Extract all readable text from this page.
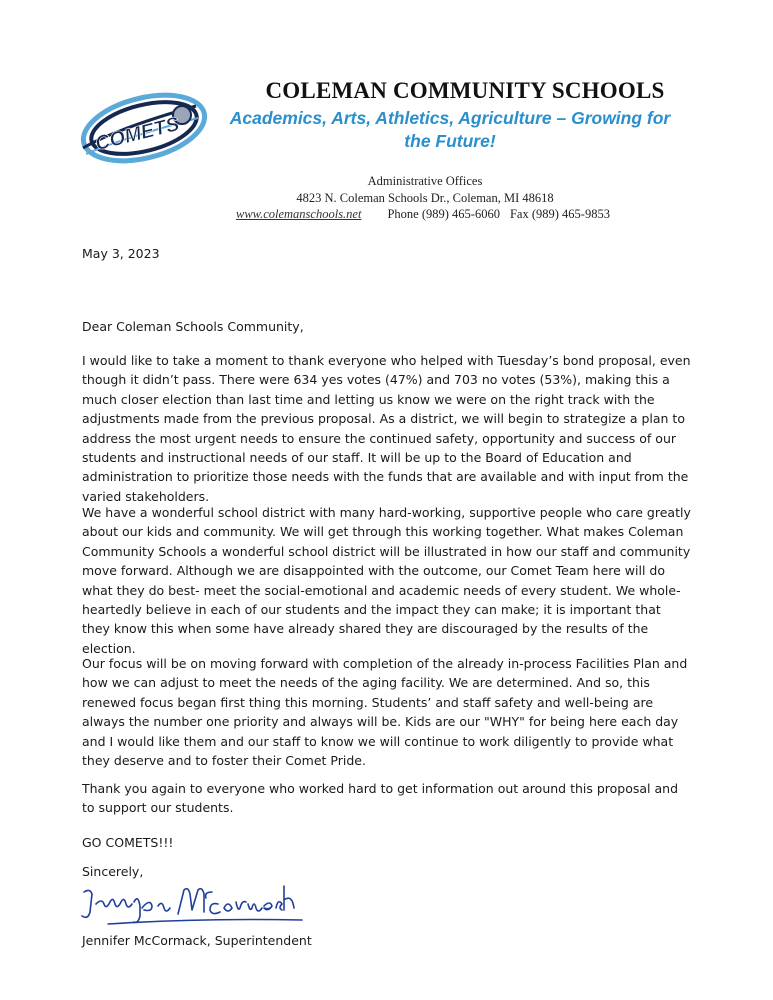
COMETS
COLEMAN COMMUNITY SCHOOLS
Academics, Arts, Athletics, Agriculture – Growing for the Future!
Administrative Offices
4823 N. Coleman Schools Dr., Coleman, MI 48618
www.colemanschools.net Phone (989) 465-6060 Fax (989) 465-9853
May 3, 2023
Dear Coleman Schools Community,

I would like to take a moment to thank everyone who helped with Tuesday’s bond proposal, even though it didn’t pass. There were 634 yes votes (47%) and 703 no votes (53%), making this a much closer election than last time and letting us know we were on the right track with the adjustments made from the previous proposal. As a district, we will begin to strategize a plan to address the most urgent needs to ensure the continued safety, opportunity and success of our students and instructional needs of our staff. It will be up to the Board of Education and administration to prioritize those needs with the funds that are available and with input from the varied stakeholders.

We have a wonderful school district with many hard-working, supportive people who care greatly about our kids and community. We will get through this working together. What makes Coleman Community Schools a wonderful school district will be illustrated in how our staff and community move forward. Although we are disappointed with the outcome, our Comet Team here will do what they do best- meet the social-emotional and academic needs of every student. We whole-heartedly believe in each of our students and the impact they can make; it is important that they know this when some have already shared they are discouraged by the results of the election.

Our focus will be on moving forward with completion of the already in-process Facilities Plan and how we can adjust to meet the needs of the aging facility. We are determined. And so, this renewed focus began first thing this morning. Students’ and staff safety and well-being are always the number one priority and always will be. Kids are our "WHY" for being here each day and I would like them and our staff to know we will continue to work diligently to provide what they deserve and to foster their Comet Pride.

Thank you again to everyone who worked hard to get information out around this proposal and to support our students.

GO COMETS!!!
Sincerely,
Jennifer McCormack, Superintendent
